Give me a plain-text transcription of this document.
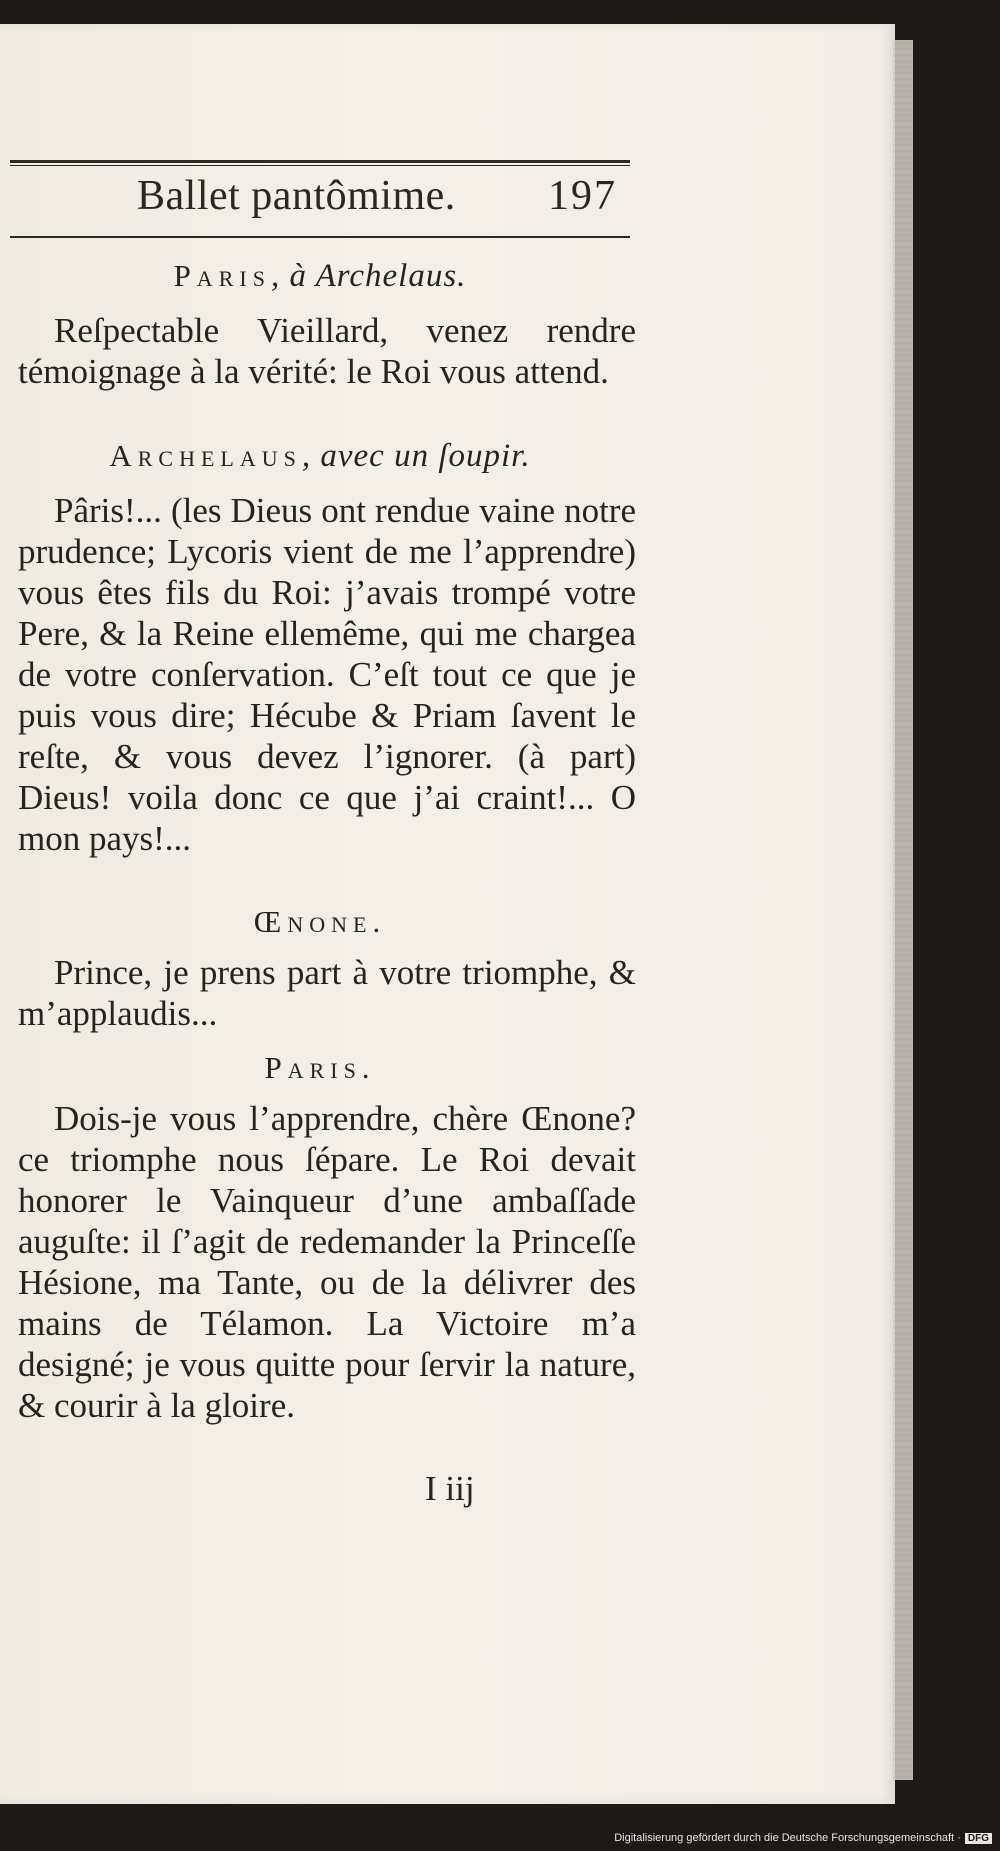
Ballet pantômime. 197
Paris, à Archelaus.
Reſpectable Vieillard, venez rendre témoignage à la vérité: le Roi vous attend.
Archelaus, avec un ſoupir.
Pâris!... (les Dieus ont rendue vaine notre prudence; Lycoris vient de me l’apprendre) vous êtes fils du Roi: j’avais trompé votre Pere, & la Reine ellemême, qui me chargea de votre conſervation. C’eſt tout ce que je puis vous dire; Hécube & Priam ſavent le reſte, & vous devez l’ignorer. (à part) Dieus! voila donc ce que j’ai craint!... O mon pays!...
Œnone.
Prince, je prens part à votre triomphe, & m’applaudis...
Paris.
Dois-je vous l’apprendre, chère Œnone? ce triomphe nous ſépare. Le Roi devait honorer le Vainqueur d’une ambaſſade auguſte: il ſ’agit de redemander la Princeſſe Hésione, ma Tante, ou de la délivrer des mains de Télamon. La Victoire m’a designé; je vous quitte pour ſervir la nature, & courir à la gloire.
I iij
Digitalisierung gefördert durch die Deutsche Forschungsgemeinschaft · DFG
